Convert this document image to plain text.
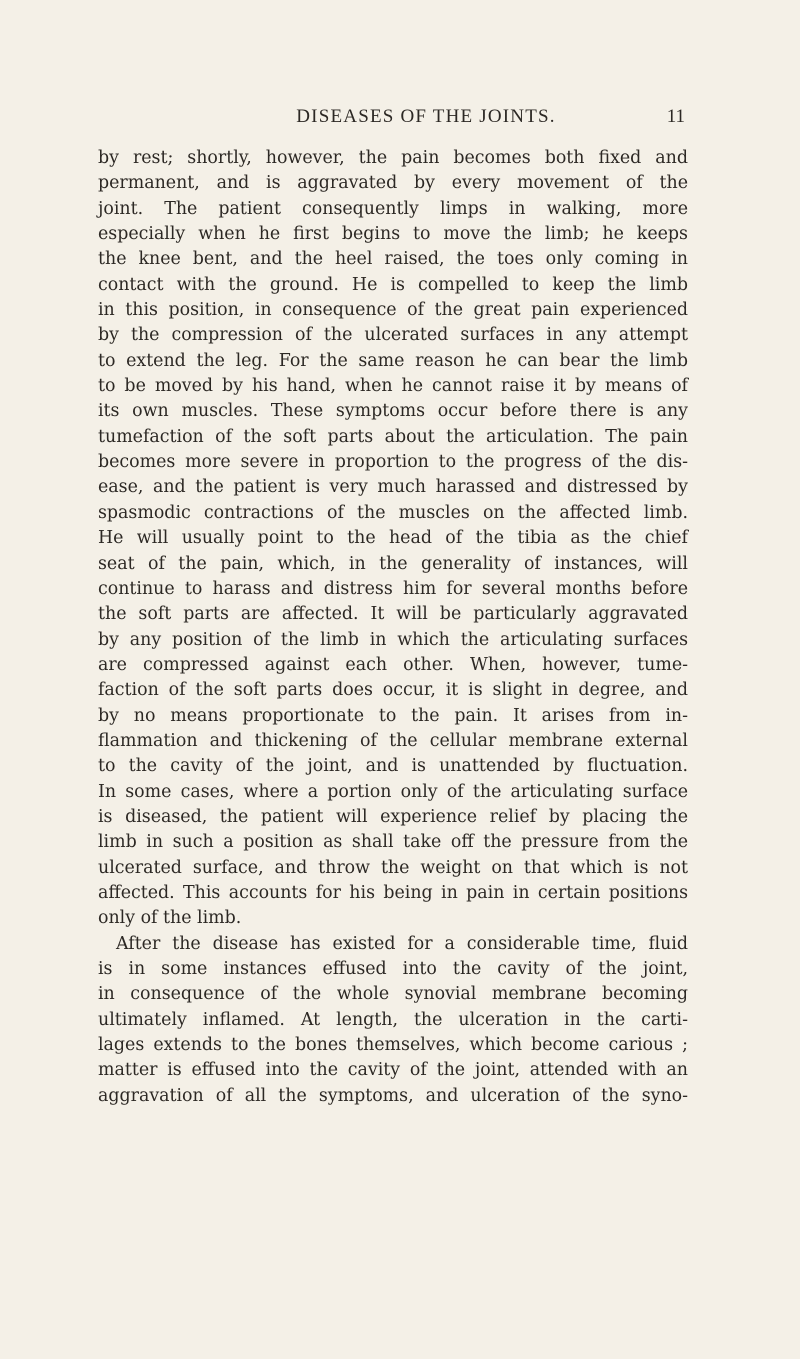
DISEASES OF THE JOINTS.	11
by rest; shortly, however, the pain becomes both fixed and
permanent, and is aggravated by every movement of the
joint. The patient consequently limps in walking, more
especially when he first begins to move the limb; he keeps
the knee bent, and the heel raised, the toes only coming in
contact with the ground. He is compelled to keep the limb
in this position, in consequence of the great pain experienced
by the compression of the ulcerated surfaces in any attempt
to extend the leg. For the same reason he can bear the limb
to be moved by his hand, when he cannot raise it by means of
its own muscles. These symptoms occur before there is any
tumefaction of the soft parts about the articulation. The pain
becomes more severe in proportion to the progress of the dis-
ease, and the patient is very much harassed and distressed by
spasmodic contractions of the muscles on the affected limb.
He will usually point to the head of the tibia as the chief
seat of the pain, which, in the generality of instances, will
continue to harass and distress him for several months before
the soft parts are affected. It will be particularly aggravated
by any position of the limb in which the articulating surfaces
are compressed against each other. When, however, tume-
faction of the soft parts does occur, it is slight in degree, and
by no means proportionate to the pain. It arises from in-
flammation and thickening of the cellular membrane external
to the cavity of the joint, and is unattended by fluctuation.
In some cases, where a portion only of the articulating surface
is diseased, the patient will experience relief by placing the
limb in such a position as shall take off the pressure from the
ulcerated surface, and throw the weight on that which is not
affected. This accounts for his being in pain in certain positions
only of the limb.
After the disease has existed for a considerable time, fluid
is in some instances effused into the cavity of the joint,
in consequence of the whole synovial membrane becoming
ultimately inflamed. At length, the ulceration in the carti-
lages extends to the bones themselves, which become carious ;
matter is effused into the cavity of the joint, attended with an
aggravation of all the symptoms, and ulceration of the syno-
